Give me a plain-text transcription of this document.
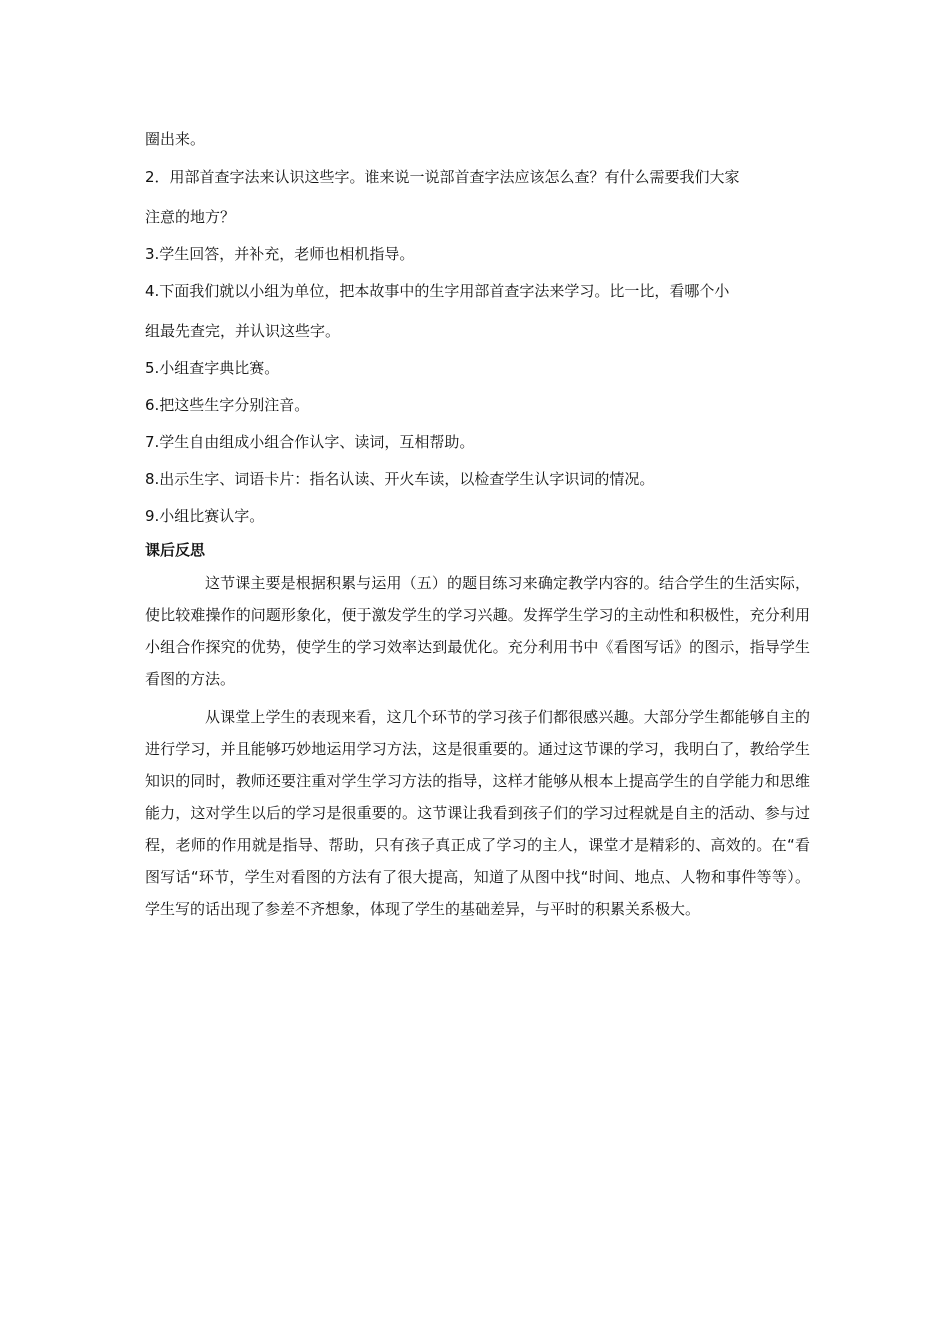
圈出来。

2．用部首查字法来认识这些字。谁来说一说部首查字法应该怎么查？有什么需要我们大家

注意的地方？

3.学生回答，并补充，老师也相机指导。

4.下面我们就以小组为单位，把本故事中的生字用部首查字法来学习。比一比，看哪个小

组最先查完，并认识这些字。

5.小组查字典比赛。

6.把这些生字分别注音。

7.学生自由组成小组合作认字、读词，互相帮助。

8.出示生字、词语卡片：指名认读、开火车读，以检查学生认字识词的情况。

9.小组比赛认字。

课后反思

这节课主要是根据积累与运用（五）的题目练习来确定教学内容的。结合学生的生活实际，使比较难操作的问题形象化，便于激发学生的学习兴趣。发挥学生学习的主动性和积极性，充分利用小组合作探究的优势，使学生的学习效率达到最优化。充分利用书中《看图写话》的图示，指导学生看图的方法。

从课堂上学生的表现来看，这几个环节的学习孩子们都很感兴趣。大部分学生都能够自主的进行学习，并且能够巧妙地运用学习方法，这是很重要的。通过这节课的学习，我明白了，教给学生知识的同时，教师还要注重对学生学习方法的指导，这样才能够从根本上提高学生的自学能力和思维能力，这对学生以后的学习是很重要的。这节课让我看到孩子们的学习过程就是自主的活动、参与过程，老师的作用就是指导、帮助，只有孩子真正成了学习的主人，课堂才是精彩的、高效的。在“看图写话“环节，学生对看图的方法有了很大提高，知道了从图中找“时间、地点、人物和事件等等）。学生写的话出现了参差不齐想象，体现了学生的基础差异，与平时的积累关系极大。
